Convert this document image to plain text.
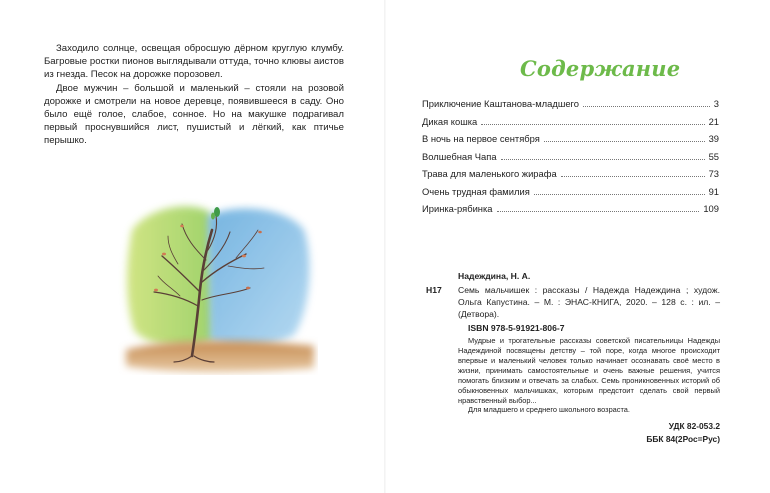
Заходило солнце, освещая обросшую дёрном круглую клумбу. Багровые ростки пионов выглядывали оттуда, точно клювы аистов из гнезда. Песок на дорожке порозовел.

Двое мужчин – большой и маленький – стояли на розовой дорожке и смотрели на новое деревце, появившееся в саду. Оно было ещё голое, слабое, сонное. Но на макушке подрагивал первый проснувшийся лист, пушистый и лёгкий, как птичье перышко.

Содержание
Приключение Каштанова-младшего	3
Дикая кошка	21
В ночь на первое сентября	39
Волшебная Чапа	55
Трава для маленького жирафа	73
Очень трудная фамилия	91
Иринка-рябинка	109
Надеждина, Н. А.
Н17 Семь мальчишек : рассказы / Надежда Надеждина ; худож. Ольга Капустина. – М. : ЭНАС-КНИГА, 2020. – 128 с. : ил. – (Детвора).
ISBN 978-5-91921-806-7
Мудрые и трогательные рассказы советской писательницы Надежды Надеждиной посвящены детству – той поре, когда многое происходит впервые и маленький человек только начинает осознавать своё место в жизни, принимать самостоятельные и очень важные решения, учится помогать близким и отвечать за слабых. Семь проникновенных историй об обыкновенных мальчишках, которым предстоит сделать свой первый нравственный выбор...
Для младшего и среднего школьного возраста.
УДК 82-053.2
ББК 84(2Рос=Рус)
